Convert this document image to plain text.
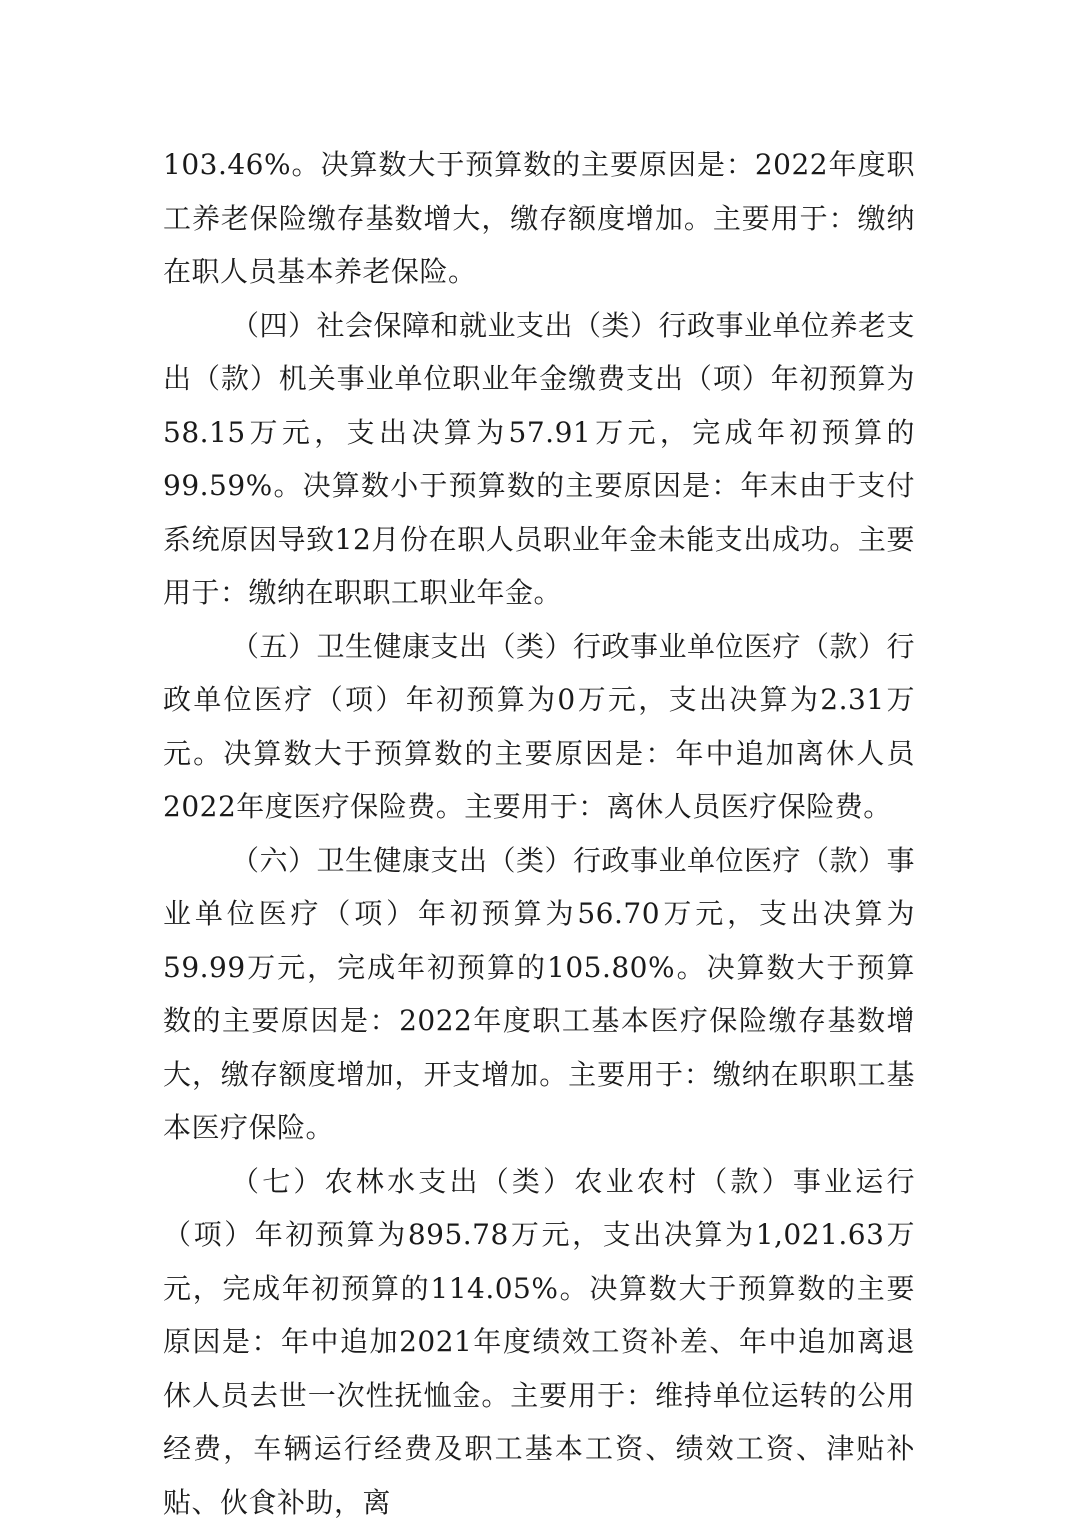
103.46%。决算数大于预算数的主要原因是：2022年度职工养老保险缴存基数增大，缴存额度增加。主要用于：缴纳在职人员基本养老保险。

（四）社会保障和就业支出（类）行政事业单位养老支出（款）机关事业单位职业年金缴费支出（项）年初预算为58.15万元，支出决算为57.91万元，完成年初预算的99.59%。决算数小于预算数的主要原因是：年末由于支付系统原因导致12月份在职人员职业年金未能支出成功。主要用于：缴纳在职职工职业年金。

（五）卫生健康支出（类）行政事业单位医疗（款）行政单位医疗（项）年初预算为0万元，支出决算为2.31万元。决算数大于预算数的主要原因是：年中追加离休人员2022年度医疗保险费。主要用于：离休人员医疗保险费。

（六）卫生健康支出（类）行政事业单位医疗（款）事业单位医疗（项）年初预算为56.70万元，支出决算为59.99万元，完成年初预算的105.80%。决算数大于预算数的主要原因是：2022年度职工基本医疗保险缴存基数增大，缴存额度增加，开支增加。主要用于：缴纳在职职工基本医疗保险。

（七）农林水支出（类）农业农村（款）事业运行（项）年初预算为895.78万元，支出决算为1,021.63万元，完成年初预算的114.05%。决算数大于预算数的主要原因是：年中追加2021年度绩效工资补差、年中追加离退休人员去世一次性抚恤金。主要用于：维持单位运转的公用经费，车辆运行经费及职工基本工资、绩效工资、津贴补贴、伙食补助，离
